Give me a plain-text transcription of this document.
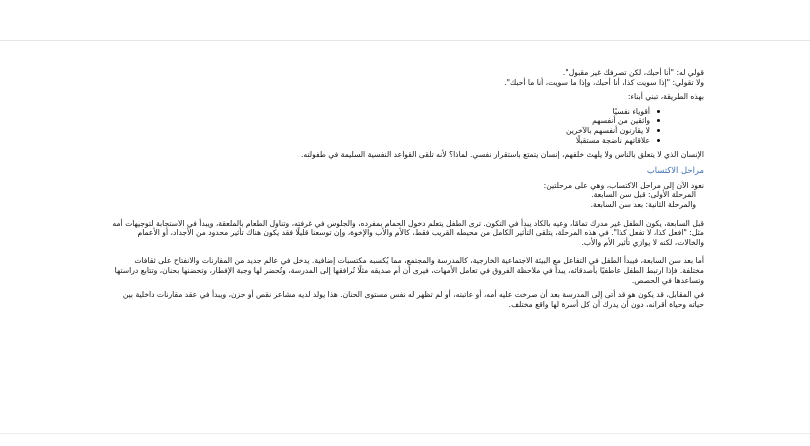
قولي له: "أنا أحبك، لكن تصرفك غير مقبول".

ولا تقولي: "إذا سويت كذا، أنا أحبك، وإذا ما سويت، أنا ما أحبك".

بهذه الطريقة، تبني أبناء:

أقوياء نفسيًا
واثقين من أنفسهم
لا يقارنون أنفسهم بالآخرين
علاقاتهم ناضجة مستقبلًا

الإنسان الذي لا يتعلق بالناس ولا يلهث خلفهم، إنسان يتمتع باستقرار نفسي. لماذا؟ لأنه تلقى القواعد النفسية السليمة في طفولته.

مراحل الاكتساب

نعود الآن إلى مراحل الاكتساب، وهي على مرحلتين:

المرحلة الأولى: قبل سن السابعة.

والمرحلة الثانية: بعد سن السابعة.

قبل السابعة، يكون الطفل غير مدرك تمامًا، وعيه بالكاد يبدأ في التكون. ترى الطفل يتعلم دخول الحمام بمفرده، والجلوس في غرفته، وتناول الطعام بالملعقة، ويبدأ في الاستجابة لتوجيهات أمه مثل: "افعل كذا، لا تفعل كذا". في هذه المرحلة، يتلقى التأثير الكامل من محيطه القريب فقط، كالأم والأب والإخوة، وإن توسعنا قليلًا فقد يكون هناك تأثير محدود من الأجداد، أو الأعمام والخالات، لكنه لا يوازي تأثير الأم والأب.

أما بعد سن السابعة، فيبدأ الطفل في التفاعل مع البيئة الاجتماعية الخارجية، كالمدرسة والمجتمع، مما يُكسبه مكتسبات إضافية. يدخل في عالم جديد من المقارنات والانفتاح على ثقافات مختلفة. فإذا ارتبط الطفل عاطفيًا بأصدقائه، يبدأ في ملاحظة الفروق في تعامل الأمهات، فيرى أن أم صديقه مثلًا تُرافقها إلى المدرسة، وتُحضر لها وجبة الإفطار، وتحضنها بحنان، وتتابع دراستها وتساعدها في الحصص.

في المقابل، قد يكون هو قد أتى إلى المدرسة بعد أن صرخت عليه أمه، أو عاتبته، أو لم تظهر له نفس مستوى الحنان. هذا يولد لديه مشاعر نقص أو حزن، ويبدأ في عقد مقارنات داخلية بين حياته وحياة أقرانه، دون أن يدرك أن كل أسرة لها واقع مختلف.
